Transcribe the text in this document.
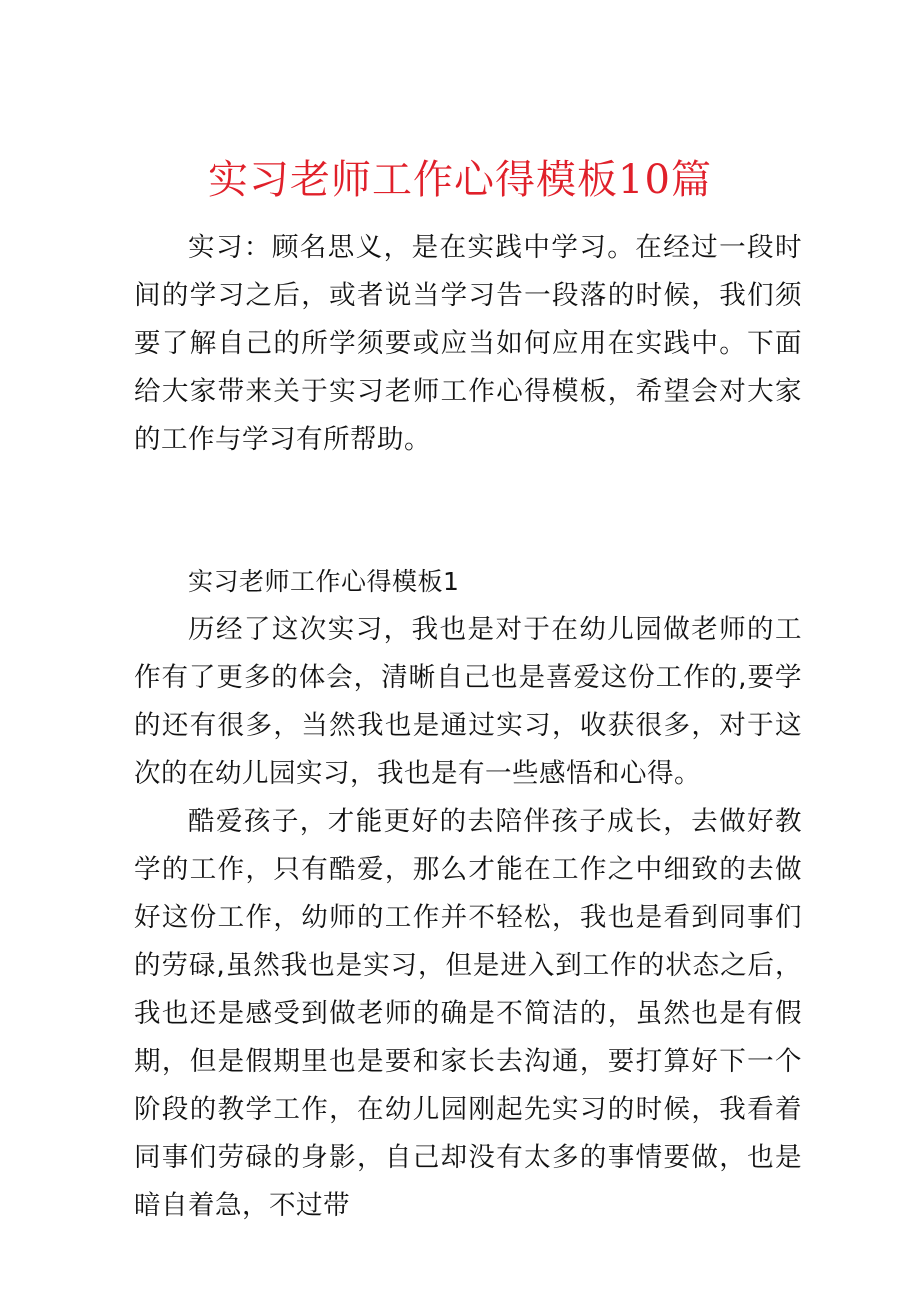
实习老师工作心得模板10篇

实习：顾名思义，是在实践中学习。在经过一段时间的学习之后，或者说当学习告一段落的时候，我们须要了解自己的所学须要或应当如何应用在实践中。下面给大家带来关于实习老师工作心得模板，希望会对大家的工作与学习有所帮助。

实习老师工作心得模板1

历经了这次实习，我也是对于在幼儿园做老师的工作有了更多的体会，清晰自己也是喜爱这份工作的,要学的还有很多，当然我也是通过实习，收获很多，对于这次的在幼儿园实习，我也是有一些感悟和心得。

酷爱孩子，才能更好的去陪伴孩子成长，去做好教学的工作，只有酷爱，那么才能在工作之中细致的去做好这份工作，幼师的工作并不轻松，我也是看到同事们的劳碌,虽然我也是实习，但是进入到工作的状态之后，我也还是感受到做老师的确是不简洁的，虽然也是有假期，但是假期里也是要和家长去沟通，要打算好下一个阶段的教学工作，在幼儿园刚起先实习的时候，我看着同事们劳碌的身影，自己却没有太多的事情要做，也是暗自着急，不过带
